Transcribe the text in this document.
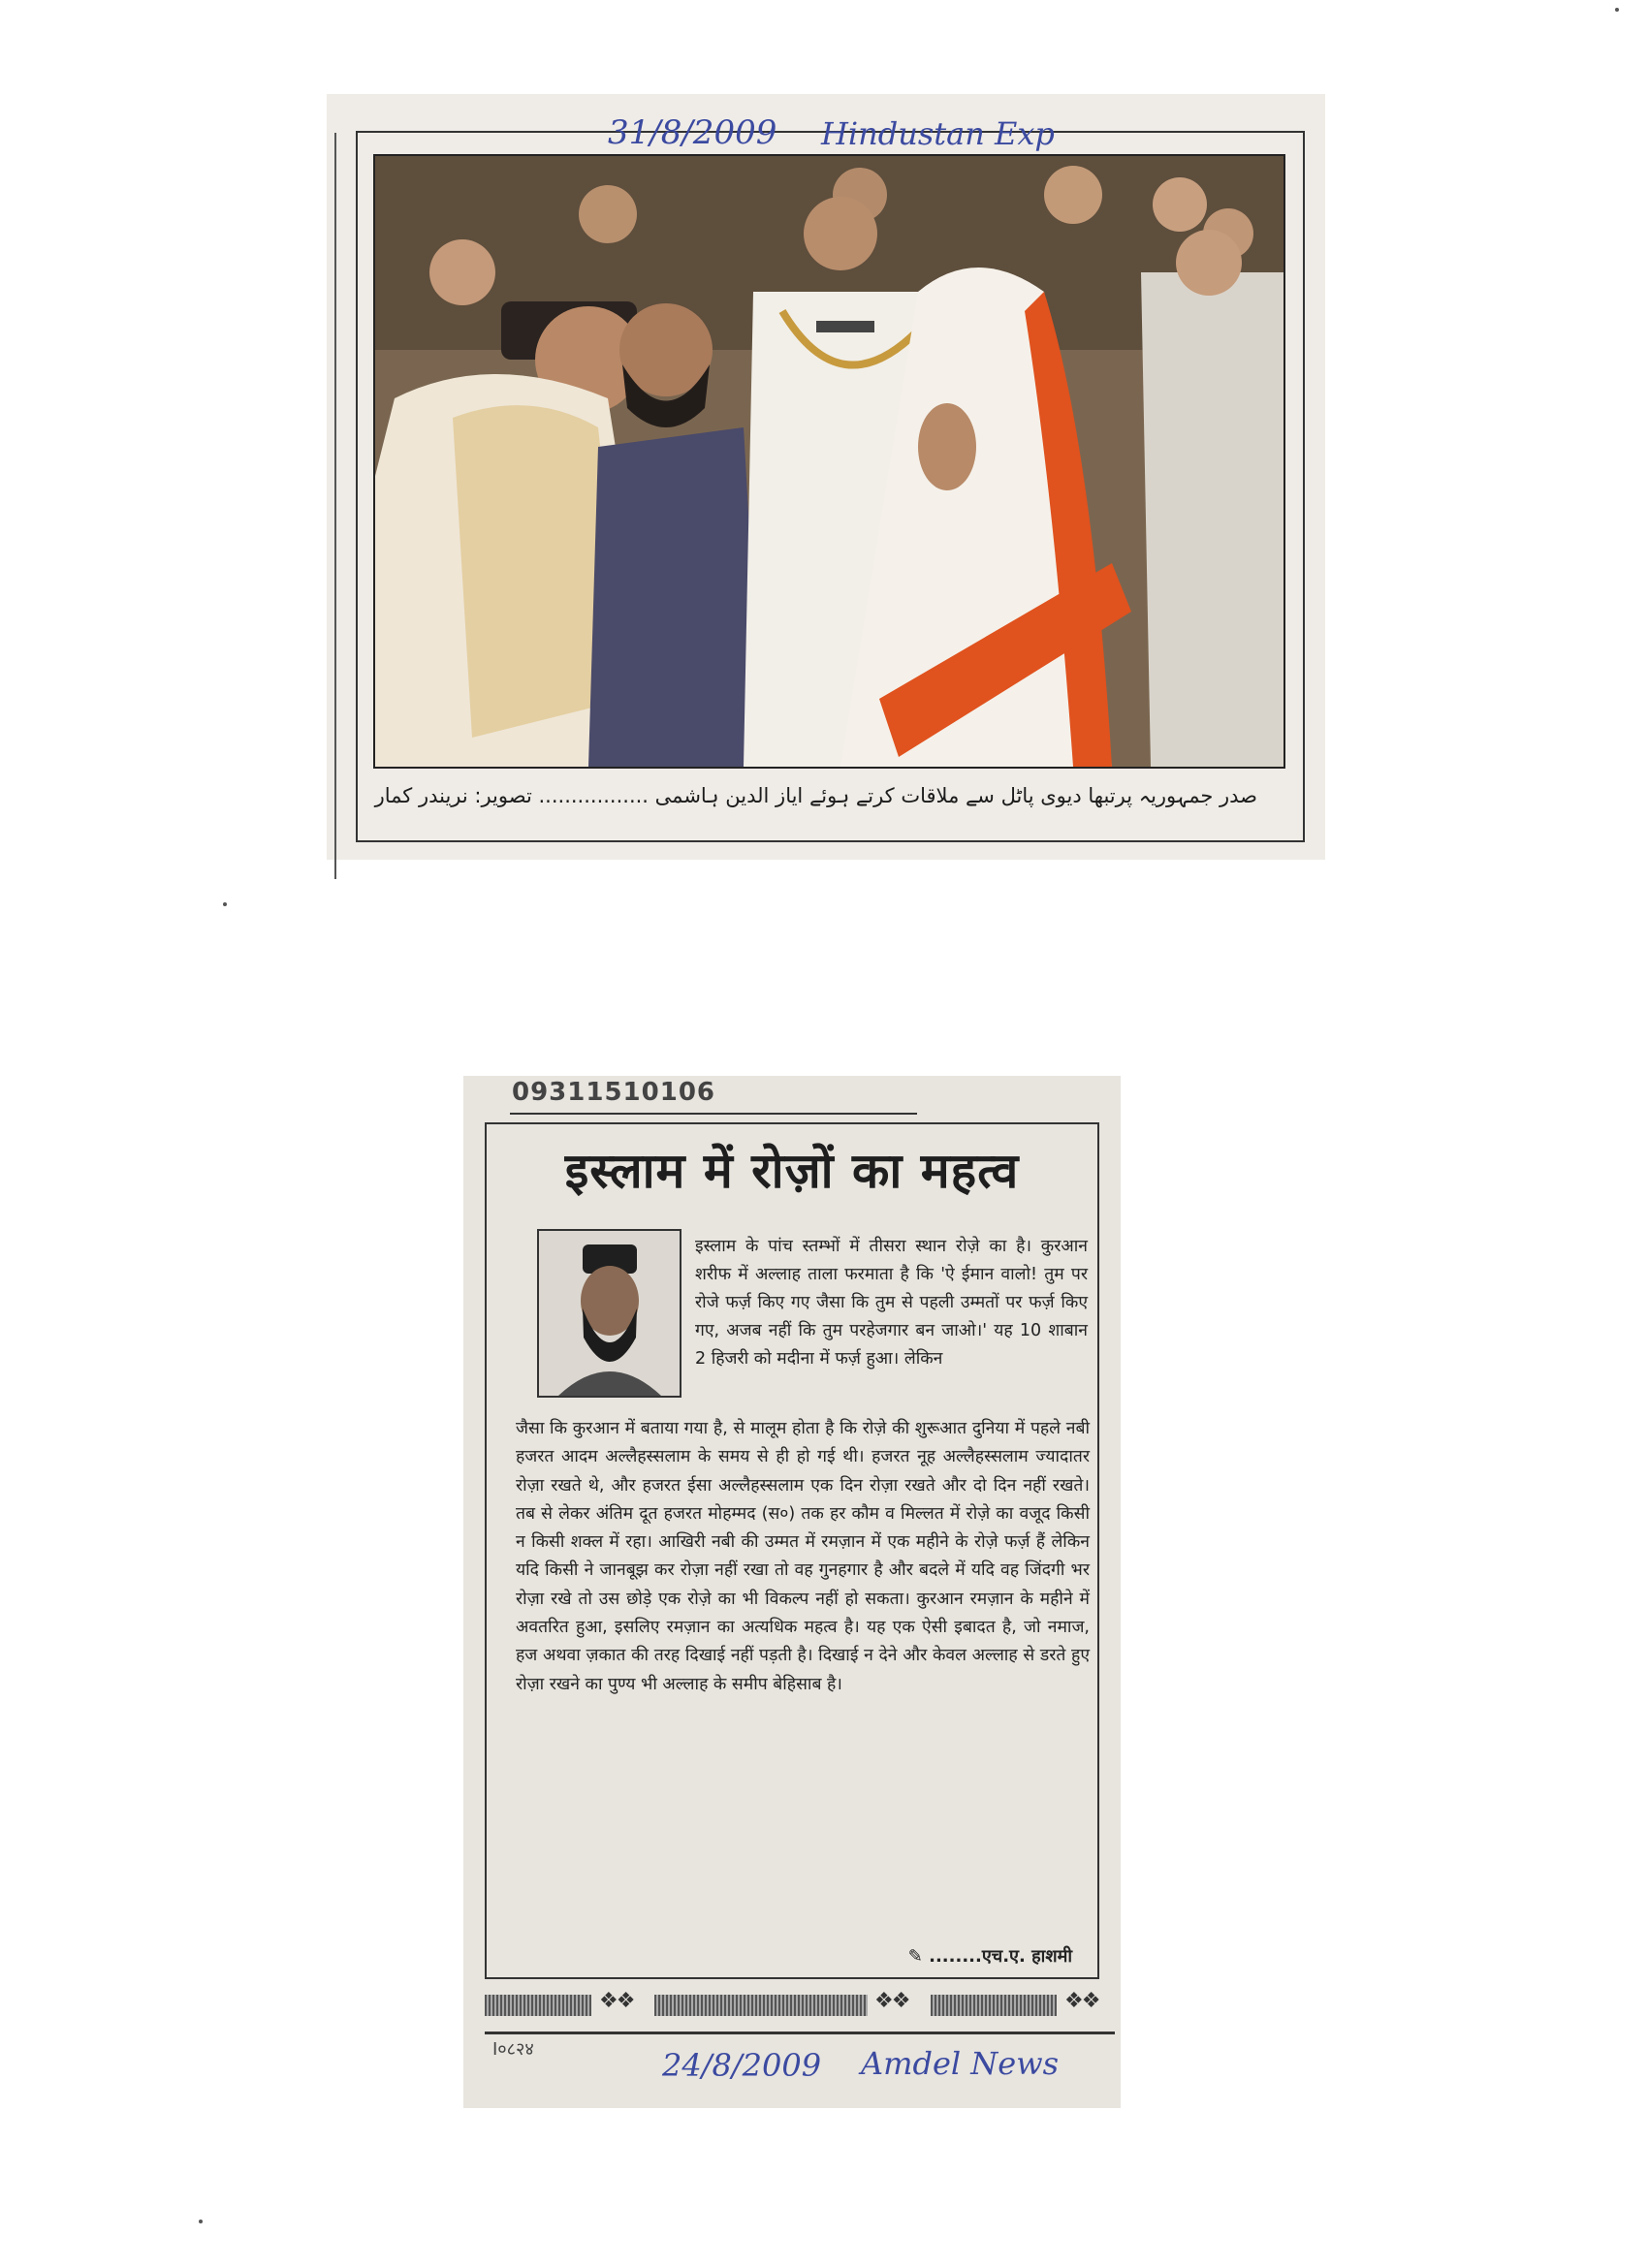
31/8/2009 Hindustan Exp
صدر جمہوریہ پرتبھا دیوی پاٹل سے ملاقات کرتے ہوئے ایاز الدین ہاشمی ................. تصویر: نریندر کمار
09311510106
इस्लाम में रोज़ों का महत्व
इस्लाम के पांच स्तम्भों में तीसरा स्थान रोज़े का है। कुरआन शरीफ में अल्लाह ताला फरमाता है कि 'ऐ ईमान वालो! तुम पर रोजे फर्ज़ किए गए जैसा कि तुम से पहली उम्मतों पर फर्ज़ किए गए, अजब नहीं कि तुम परहेजगार बन जाओ।' यह 10 शाबान 2 हिजरी को मदीना में फर्ज़ हुआ। लेकिन
जैसा कि कुरआन में बताया गया है, से मालूम होता है कि रोज़े की शुरूआत दुनिया में पहले नबी हजरत आदम अल्लैहस्सलाम के समय से ही हो गई थी। हजरत नूह अल्लैहस्सलाम ज्यादातर रोज़ा रखते थे, और हजरत ईसा अल्लैहस्सलाम एक दिन रोज़ा रखते और दो दिन नहीं रखते। तब से लेकर अंतिम दूत हजरत मोहम्मद (स०) तक हर कौम व मिल्लत में रोज़े का वजूद किसी न किसी शक्ल में रहा। आखिरी नबी की उम्मत में रमज़ान में एक महीने के रोज़े फर्ज़ हैं लेकिन यदि किसी ने जानबूझ कर रोज़ा नहीं रखा तो वह गुनहगार है और बदले में यदि वह जिंदगी भर रोज़ा रखे तो उस छोड़े एक रोज़े का भी विकल्प नहीं हो सकता। कुरआन रमज़ान के महीने में अवतरित हुआ, इसलिए रमज़ान का अत्यधिक महत्व है। यह एक ऐसी इबादत है, जो नमाज, हज अथवा ज़कात की तरह दिखाई नहीं पड़ती है। दिखाई न देने और केवल अल्लाह से डरते हुए रोज़ा रखने का पुण्य भी अल्लाह के समीप बेहिसाब है।
✎ ........एच.ए. हाशमी
❖❖	❖❖	❖❖
I०८२४	24/8/2009 Amdel News
